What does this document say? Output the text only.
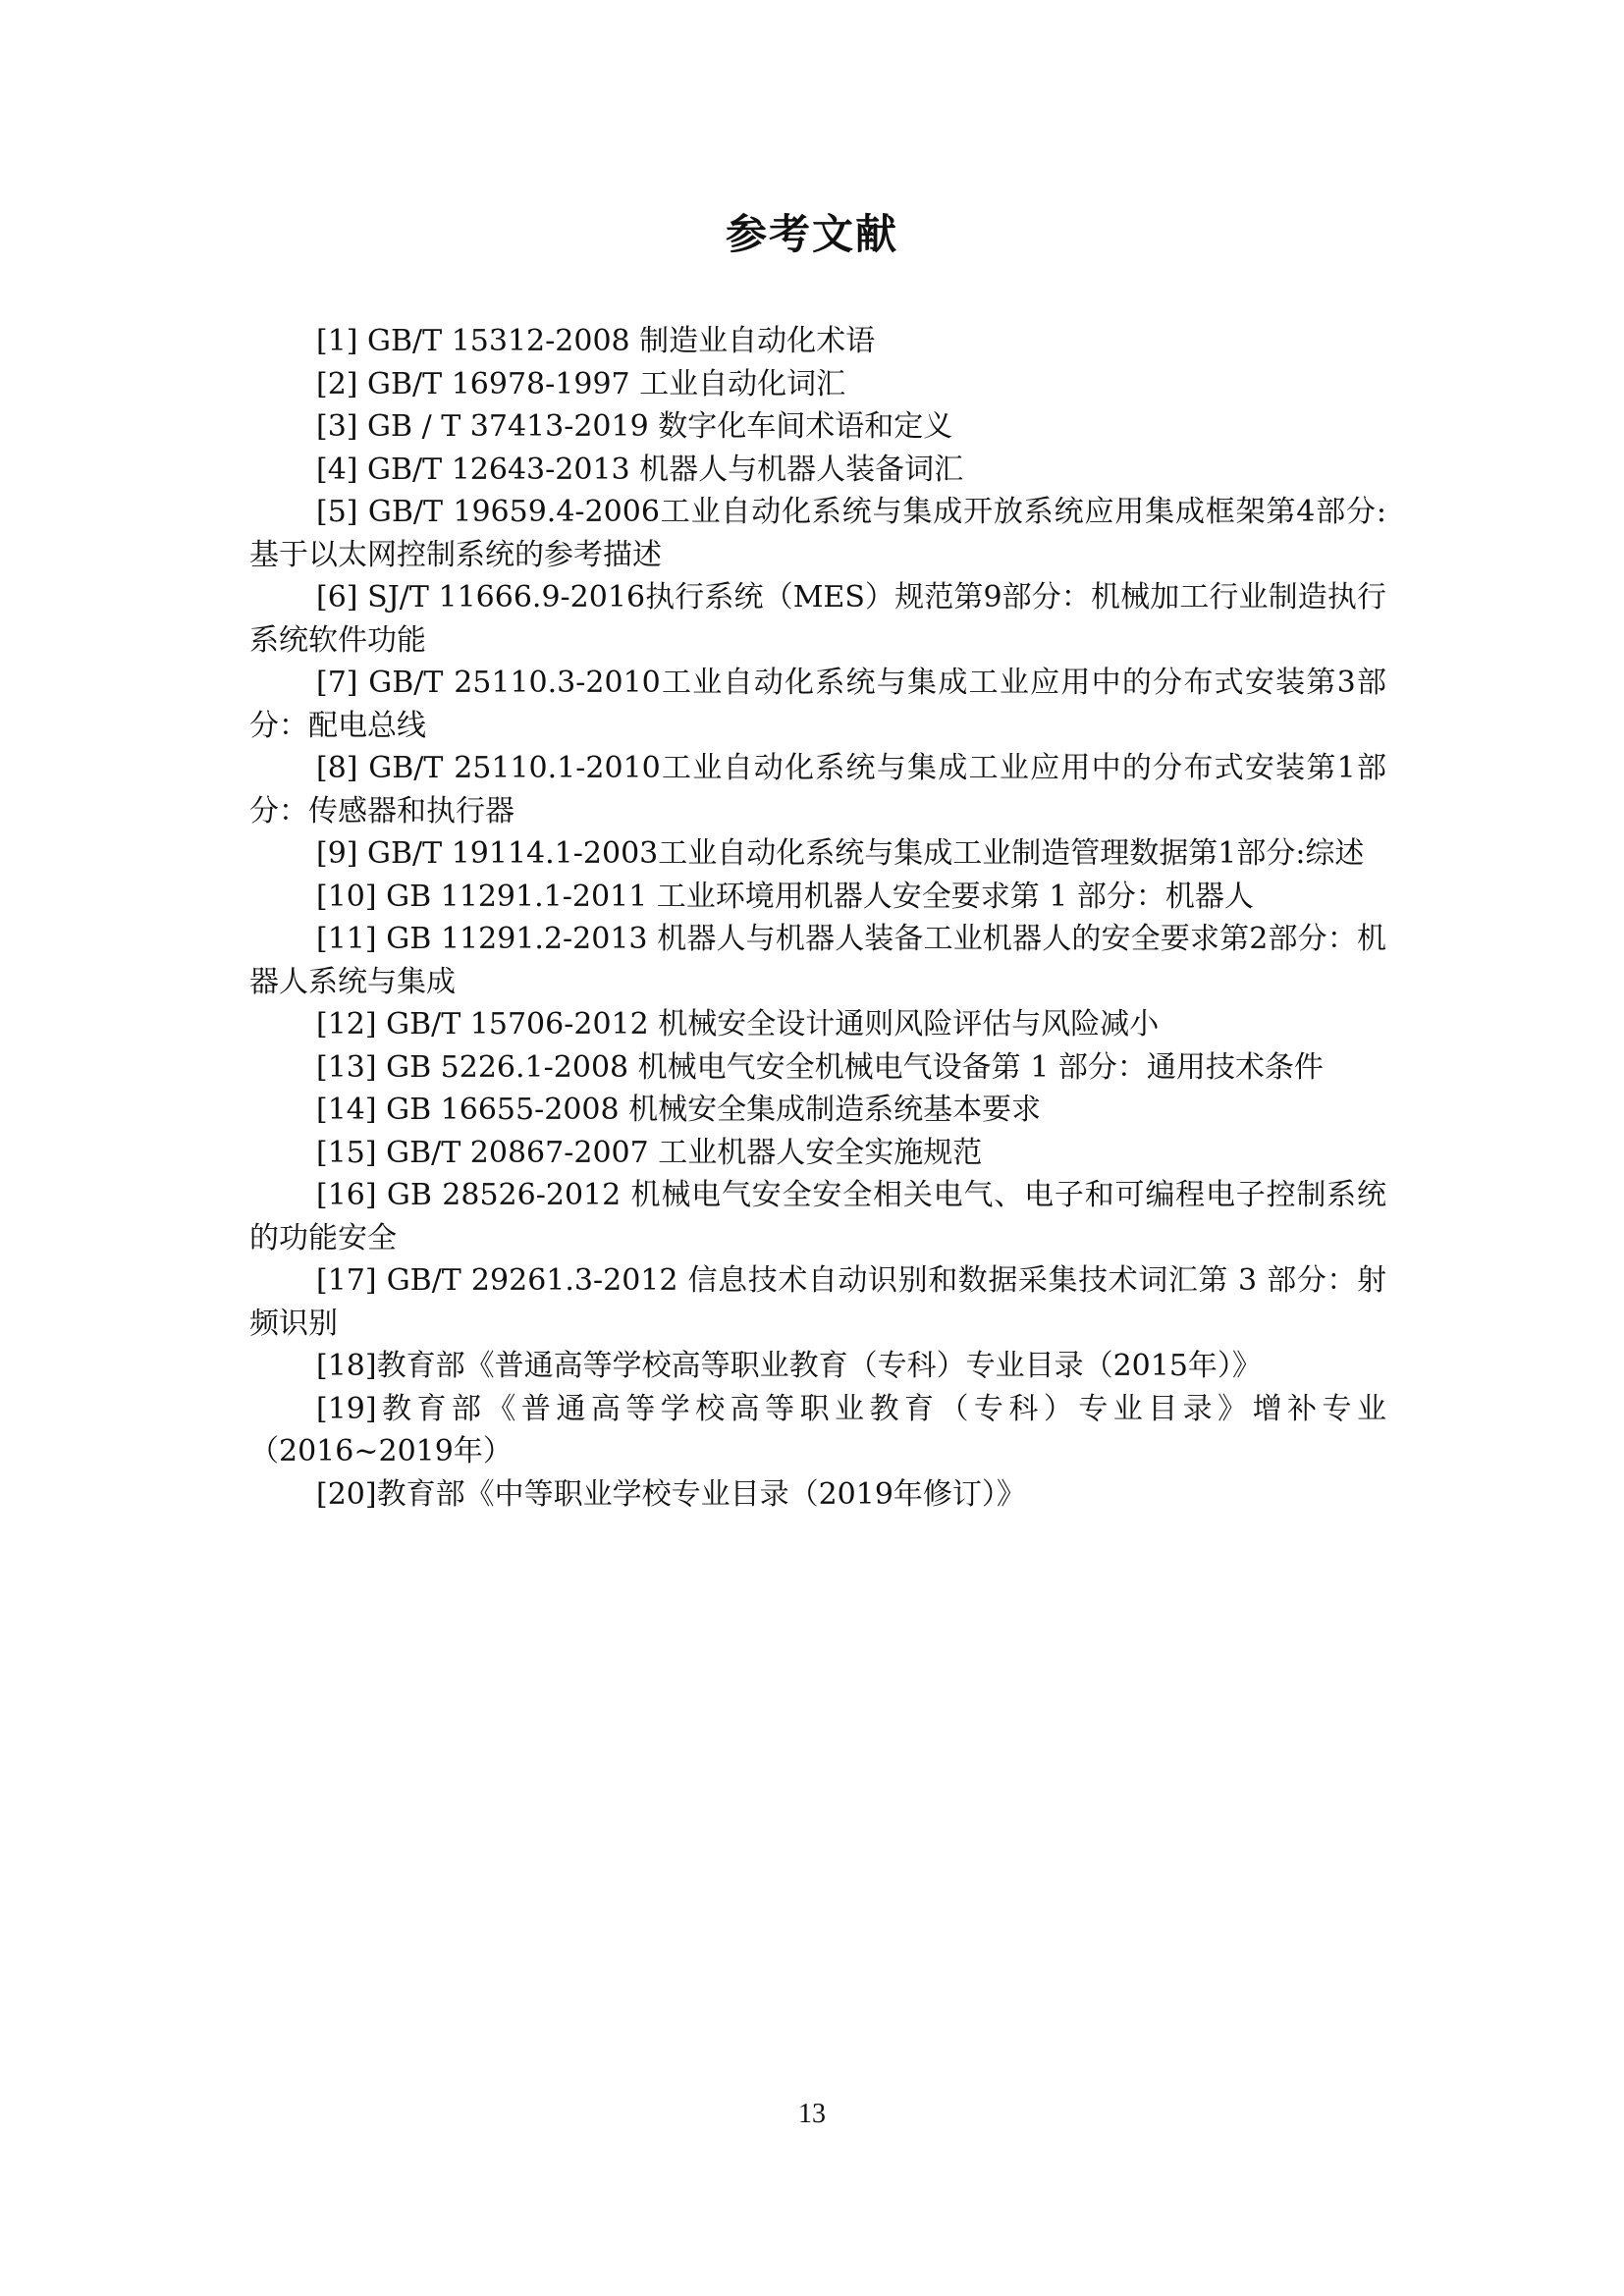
参考文献
[1] GB/T 15312-2008 制造业自动化术语
[2] GB/T 16978-1997 工业自动化词汇
[3] GB / T 37413-2019 数字化车间术语和定义
[4] GB/T 12643-2013 机器人与机器人装备词汇
[5] GB/T 19659.4-2006工业自动化系统与集成开放系统应用集成框架第4部分:基于以太网控制系统的参考描述
[6] SJ/T 11666.9-2016执行系统（MES）规范第9部分：机械加工行业制造执行系统软件功能
[7] GB/T 25110.3-2010工业自动化系统与集成工业应用中的分布式安装第3部分：配电总线
[8] GB/T 25110.1-2010工业自动化系统与集成工业应用中的分布式安装第1部分：传感器和执行器
[9] GB/T 19114.1-2003工业自动化系统与集成工业制造管理数据第1部分:综述
[10] GB 11291.1-2011 工业环境用机器人安全要求第 1 部分：机器人
[11] GB 11291.2-2013 机器人与机器人装备工业机器人的安全要求第2部分：机器人系统与集成
[12] GB/T 15706-2012 机械安全设计通则风险评估与风险减小
[13] GB 5226.1-2008 机械电气安全机械电气设备第 1 部分：通用技术条件
[14] GB 16655-2008 机械安全集成制造系统基本要求
[15] GB/T 20867-2007 工业机器人安全实施规范
[16] GB 28526-2012 机械电气安全安全相关电气、电子和可编程电子控制系统的功能安全
[17] GB/T 29261.3-2012 信息技术自动识别和数据采集技术词汇第 3 部分：射频识别
[18]教育部《普通高等学校高等职业教育（专科）专业目录（2015年）》
[19]教育部《普通高等学校高等职业教育（专科）专业目录》增补专业（2016~2019年）
[20]教育部《中等职业学校专业目录（2019年修订）》
13
